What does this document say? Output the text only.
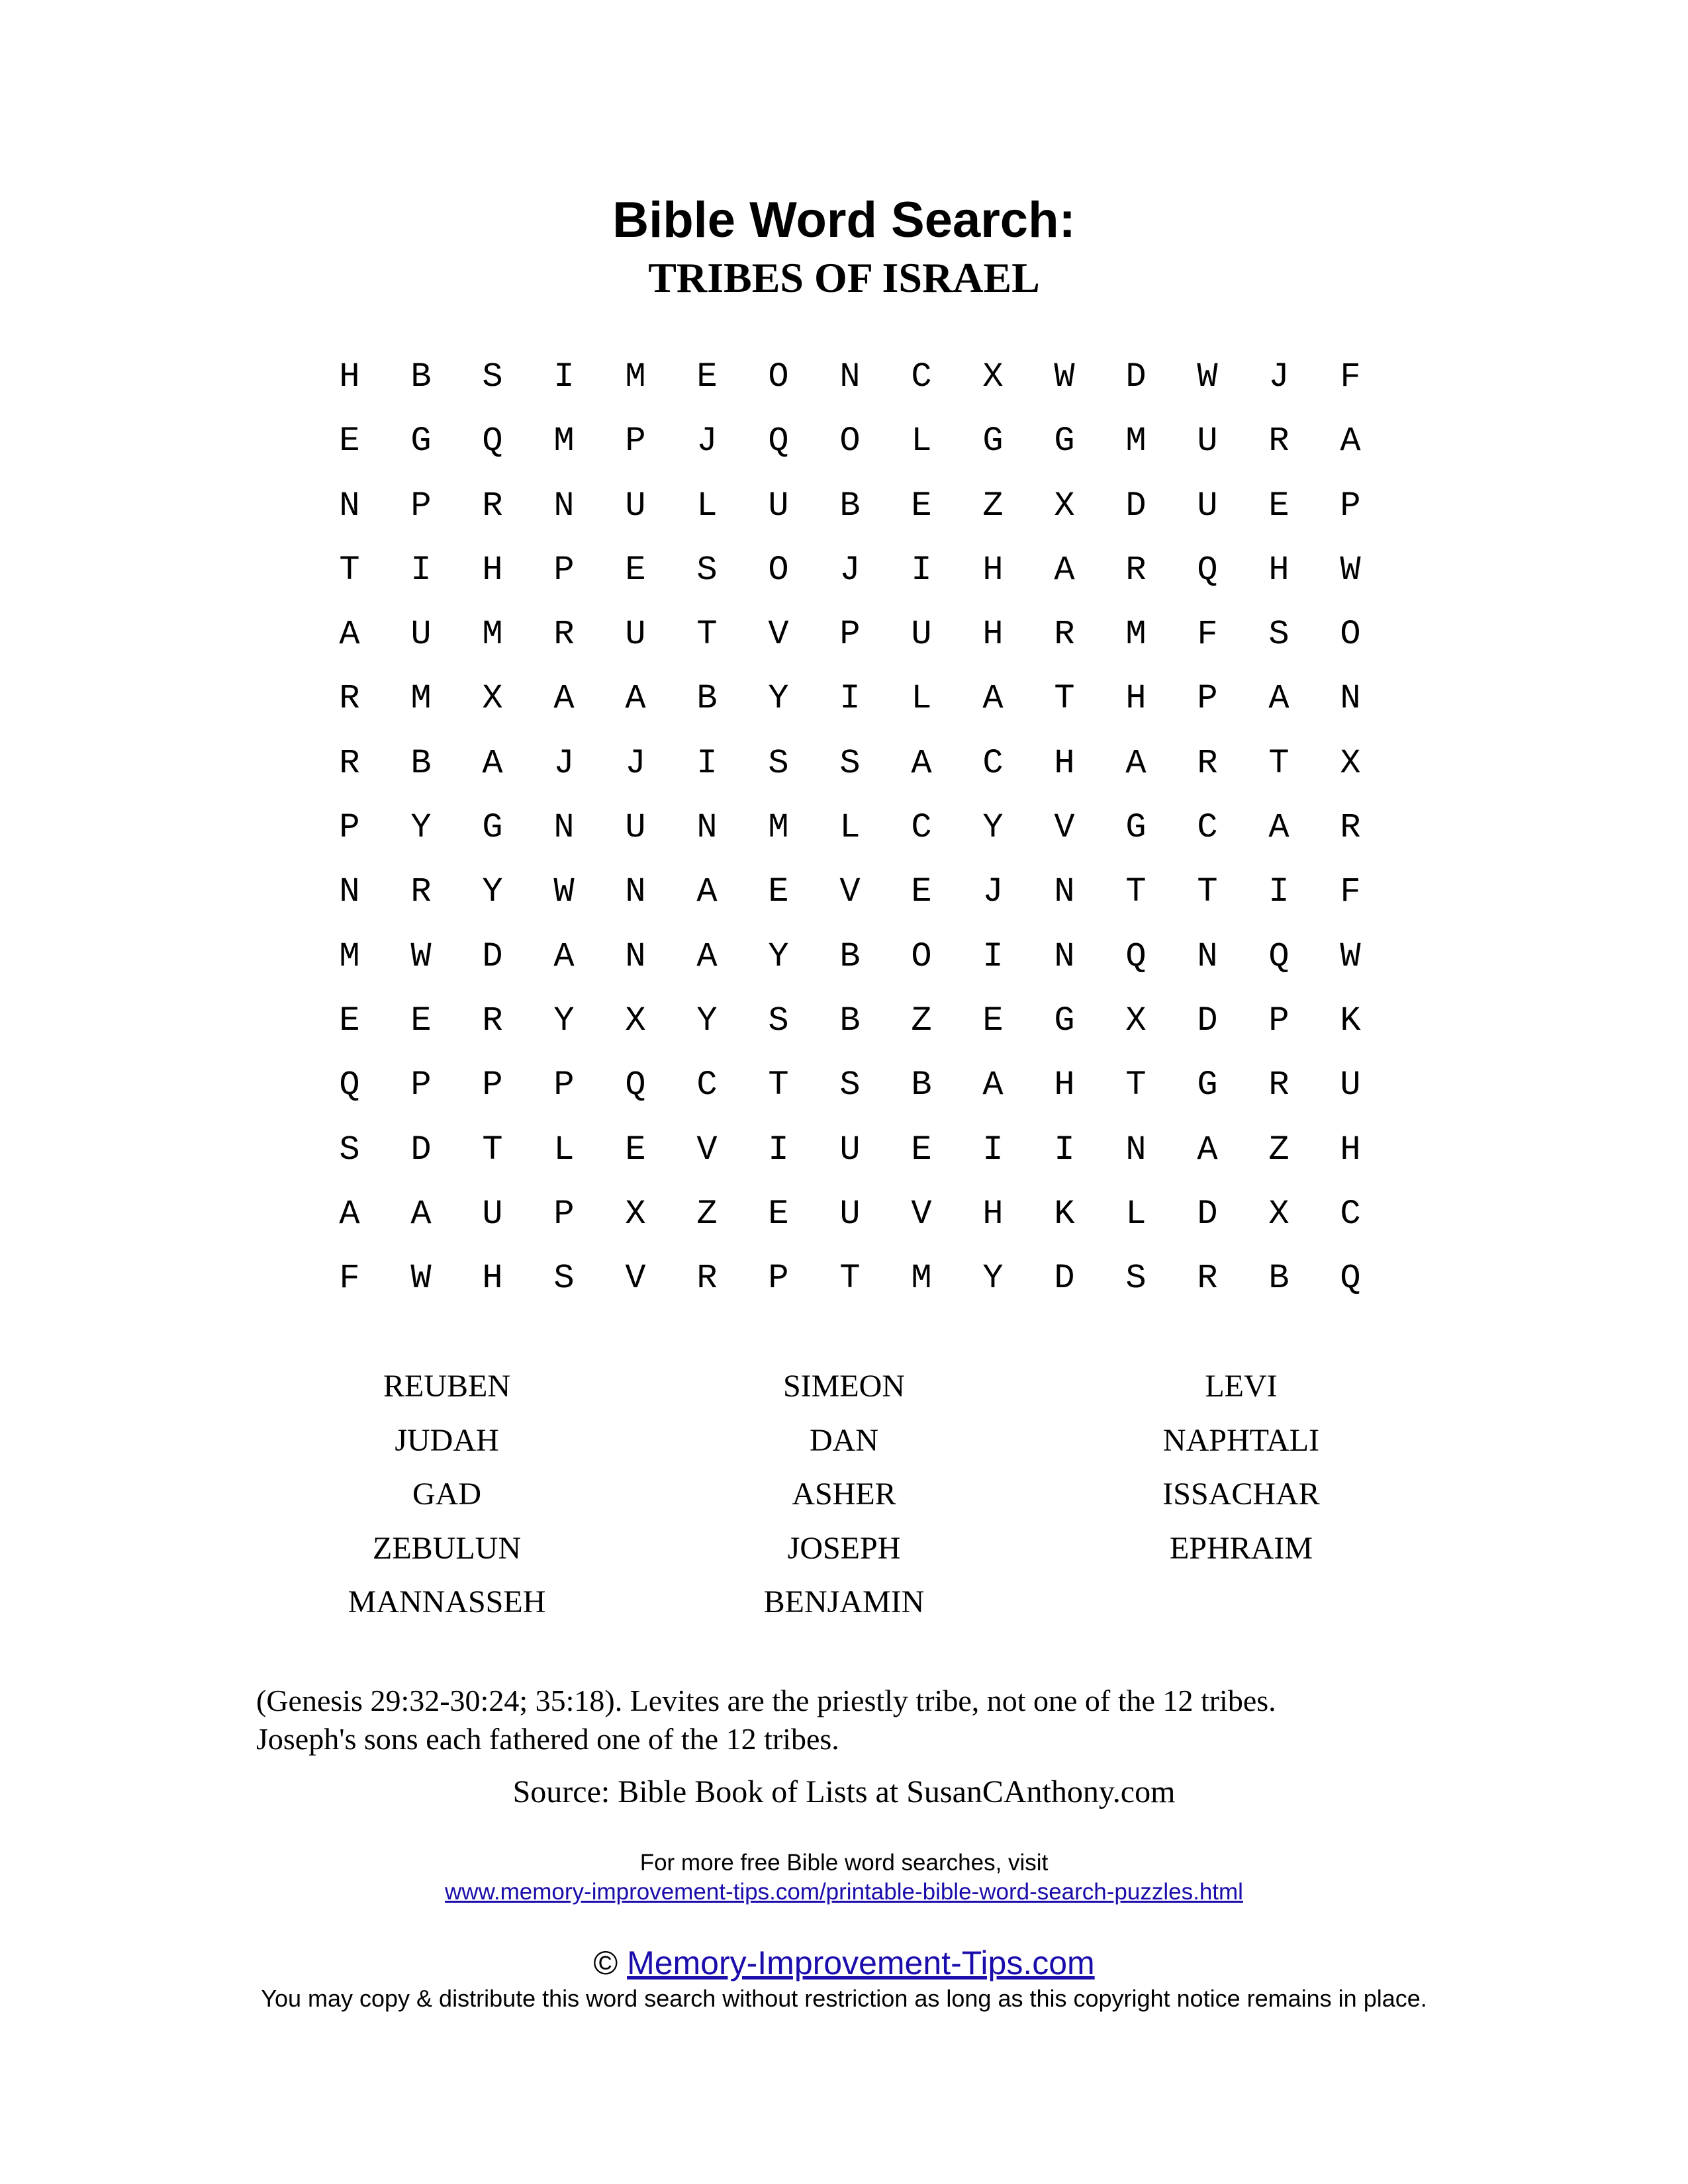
Bible Word Search:
TRIBES OF ISRAEL
H	B	S	I	M	E	O	N	C	X	W	D	W	J	F
E	G	Q	M	P	J	Q	O	L	G	G	M	U	R	A
N	P	R	N	U	L	U	B	E	Z	X	D	U	E	P
T	I	H	P	E	S	O	J	I	H	A	R	Q	H	W
A	U	M	R	U	T	V	P	U	H	R	M	F	S	O
R	M	X	A	A	B	Y	I	L	A	T	H	P	A	N
R	B	A	J	J	I	S	S	A	C	H	A	R	T	X
P	Y	G	N	U	N	M	L	C	Y	V	G	C	A	R
N	R	Y	W	N	A	E	V	E	J	N	T	T	I	F
M	W	D	A	N	A	Y	B	O	I	N	Q	N	Q	W
E	E	R	Y	X	Y	S	B	Z	E	G	X	D	P	K
Q	P	P	P	Q	C	T	S	B	A	H	T	G	R	U
S	D	T	L	E	V	I	U	E	I	I	N	A	Z	H
A	A	U	P	X	Z	E	U	V	H	K	L	D	X	C
F	W	H	S	V	R	P	T	M	Y	D	S	R	B	Q
REUBEN	SIMEON	LEVI
JUDAH	DAN	NAPHTALI
GAD	ASHER	ISSACHAR
ZEBULUN	JOSEPH	EPHRAIM
MANNASSEH	BENJAMIN
(Genesis 29:32-30:24; 35:18). Levites are the priestly tribe, not one of the 12 tribes.
Joseph's sons each fathered one of the 12 tribes.
Source: Bible Book of Lists at SusanCAnthony.com
For more free Bible word searches, visit
www.memory-improvement-tips.com/printable-bible-word-search-puzzles.html
© Memory-Improvement-Tips.com
You may copy & distribute this word search without restriction as long as this copyright notice remains in place.
